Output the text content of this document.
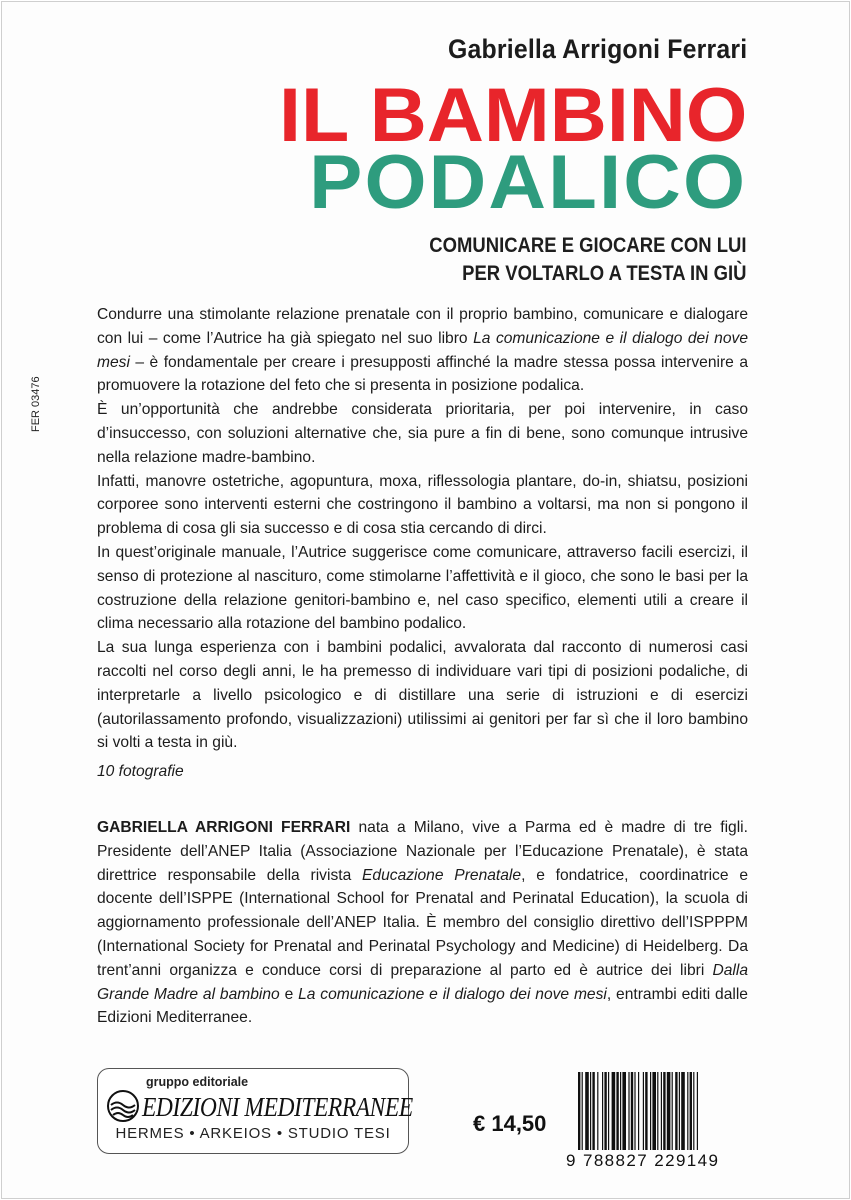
Gabriella Arrigoni Ferrari
IL BAMBINO
PODALICO
COMUNICARE E GIOCARE CON LUI
PER VOLTARLO A TESTA IN GIÙ
FER 03476

Condurre una stimolante relazione prenatale con il proprio bambino, comunicare e dialogare con lui – come l’Autrice ha già spiegato nel suo libro La comunicazione e il dialogo dei nove mesi – è fondamentale per creare i presupposti affinché la madre stessa possa intervenire a promuovere la rotazione del feto che si presenta in posizione podalica.

È un’opportunità che andrebbe considerata prioritaria, per poi intervenire, in caso d’insuccesso, con soluzioni alternative che, sia pure a fin di bene, sono comunque intrusive nella relazione madre-bambino.

Infatti, manovre ostetriche, agopuntura, moxa, riflessologia plantare, do-in, shiatsu, posizioni corporee sono interventi esterni che costringono il bambino a voltarsi, ma non si pongono il problema di cosa gli sia successo e di cosa stia cercando di dirci.

In quest’originale manuale, l’Autrice suggerisce come comunicare, attraverso facili esercizi, il senso di protezione al nascituro, come stimolarne l’affettività e il gioco, che sono le basi per la costruzione della relazione genitori-bambino e, nel caso specifico, elementi utili a creare il clima necessario alla rotazione del bambino podalico.

La sua lunga esperienza con i bambini podalici, avvalorata dal racconto di numerosi casi raccolti nel corso degli anni, le ha premesso di individuare vari tipi di posizioni podaliche, di interpretarle a livello psicologico e di distillare una serie di istruzioni e di esercizi (autorilassamento profondo, visualizzazioni) utilissimi ai genitori per far sì che il loro bambino si volti a testa in giù.

10 fotografie

GABRIELLA ARRIGONI FERRARI nata a Milano, vive a Parma ed è madre di tre figli. Presidente dell’ANEP Italia (Associazione Nazionale per l’Educazione Prenatale), è stata direttrice responsabile della rivista Educazione Prenatale, e fondatrice, coordinatrice e docente dell’ISPPE (International School for Prenatal and Perinatal Education), la scuola di aggiornamento professionale dell’ANEP Italia. È membro del consiglio direttivo dell’ISPPPM (International Society for Prenatal and Perinatal Psychology and Medicine) di Heidelberg. Da trent’anni organizza e conduce corsi di preparazione al parto ed è autrice dei libri Dalla Grande Madre al bambino e La comunicazione e il dialogo dei nove mesi, entrambi editi dalle Edizioni Mediterranee.

gruppo editoriale
EDIZIONI MEDITERRANEE
HERMES • ARKEIOS • STUDIO TESI	€ 14,50
9 788827 229149
